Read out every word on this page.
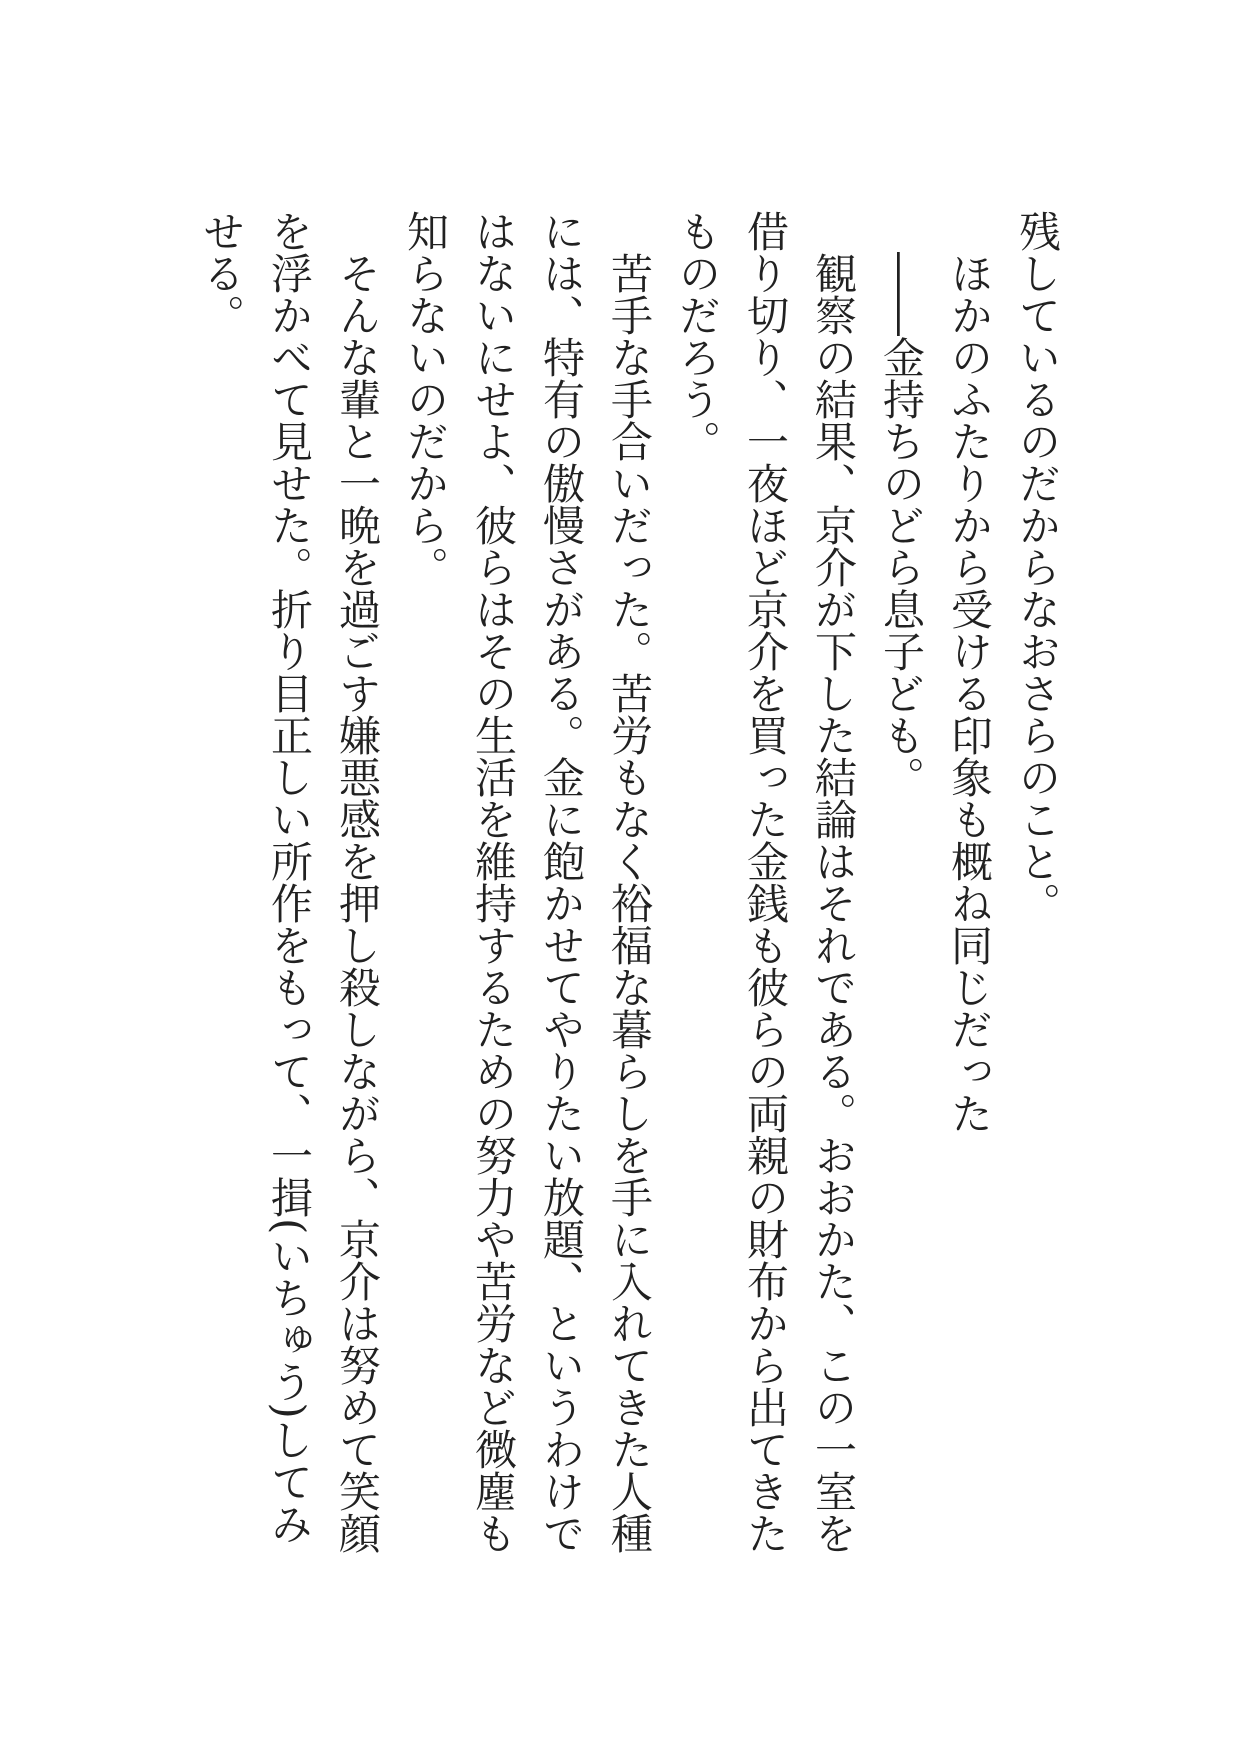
残しているのだからなおさらのこと。

ほかのふたりから受ける印象も概ね同じだった

――金持ちのどら息子ども。

観察の結果、京介が下した結論はそれである。おおかた、この一室を
借り切り、一夜ほど京介を買った金銭も彼らの両親の財布から出てきた
ものだろう。

苦手な手合いだった。苦労もなく裕福な暮らしを手に入れてきた人種
には、特有の傲慢さがある。金に飽かせてやりたい放題、というわけで
はないにせよ、彼らはその生活を維持するための努力や苦労など微塵も
知らないのだから。

そんな輩と一晩を過ごす嫌悪感を押し殺しながら、京介は努めて笑顔
を浮かべて見せた。折り目正しい所作をもって、一揖(いちゅう)してみ
せる。
